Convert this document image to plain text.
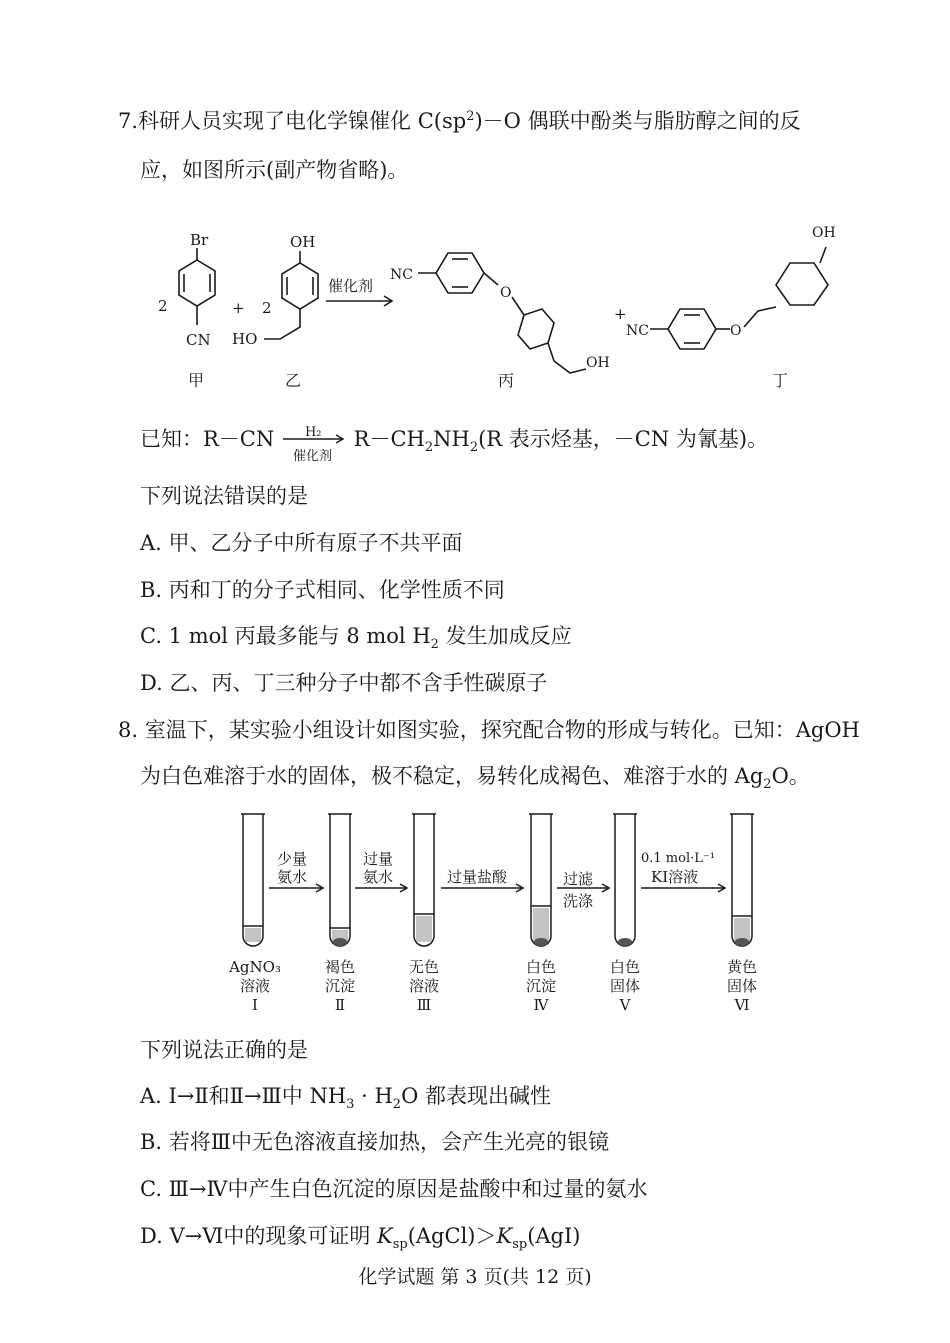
7.科研人员实现了电化学镍催化 $C(sp^2)-O$ 偶联中酚类与脂肪醇之间的反
应，如图所示(副产物省略)。
Br
CN
2	+
OH
HO
2
催化剂
NC
O
OH
+
NC	O
OH
甲	乙	丙	丁
已知：R－CN H₂
催化剂
$R-CH_2NH_2(R$ 表示烃基，－CN 为氰基)。
下列说法错误的是
A. 甲、乙分子中所有原子不共平面
B. 丙和丁的分子式相同、化学性质不同
C. 1 mol 丙最多能与 8 mol $H_2$ 发生加成反应
D. 乙、丙、丁三种分子中都不含手性碳原子
8. 室温下，某实验小组设计如图实验，探究配合物的形成与转化。已知：AgOH
为白色难溶于水的固体，极不稳定，易转化成褐色、难溶于水的 $Ag_2O$。
少量
氨水
过量
氨水	过量盐酸	过滤
洗涤
0.1 mol·L⁻¹
KI溶液
AgNO₃
溶液
Ⅰ
褐色
沉淀
Ⅱ
无色
溶液
Ⅲ
白色
沉淀
Ⅳ
白色
固体
Ⅴ
黄色
固体
Ⅵ
下列说法正确的是
A. Ⅰ→Ⅱ和Ⅱ→Ⅲ中 $NH_3 \cdot H_2O$ 都表现出碱性
B. 若将Ⅲ中无色溶液直接加热，会产生光亮的银镜
C. Ⅲ→Ⅳ中产生白色沉淀的原因是盐酸中和过量的氨水
D. Ⅴ→Ⅵ中的现象可证明 $K_{sp}(AgCl)>K_{sp}(AgI)$
化学试题 第 3 页(共 12 页)
